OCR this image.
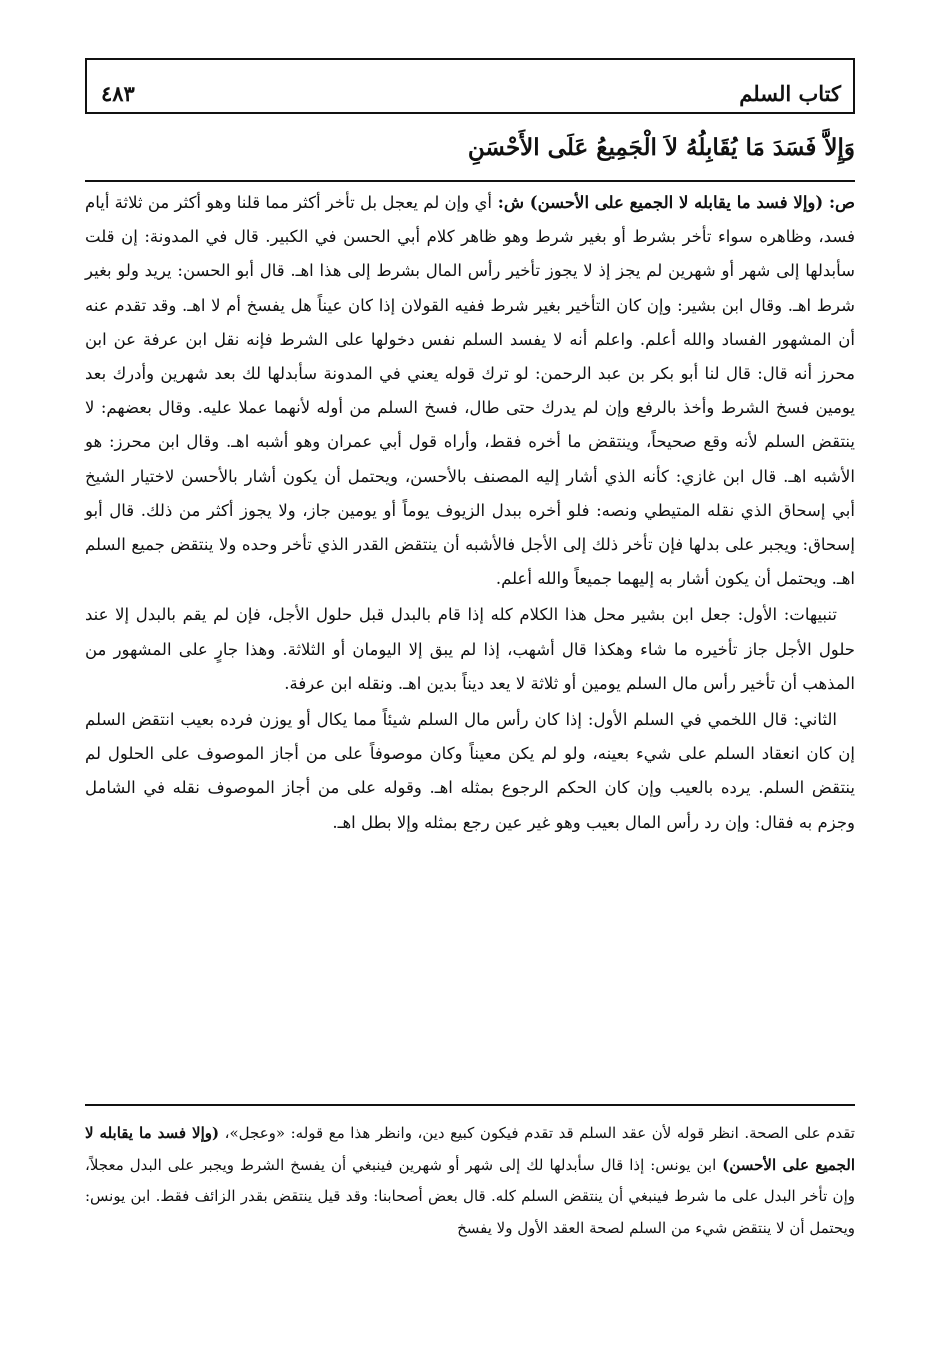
كتاب السلم
٤٨٣
وَإِلاَّ فَسَدَ مَا يُقَابِلُهُ لاَ الْجَمِيعُ عَلَى الأَحْسَنِ

ص: (وإلا فسد ما يقابله لا الجميع على الأحسن) ش: أي وإن لم يعجل بل تأخر أكثر مما قلنا وهو أكثر من ثلاثة أيام فسد، وظاهره سواء تأخر بشرط أو بغير شرط وهو ظاهر كلام أبي الحسن في الكبير. قال في المدونة: إن قلت سأبدلها إلى شهر أو شهرين لم يجز إذ لا يجوز تأخير رأس المال بشرط إلى هذا اهـ. قال أبو الحسن: يريد ولو بغير شرط اهـ. وقال ابن بشير: وإن كان التأخير بغير شرط ففيه القولان إذا كان عيناً هل يفسخ أم لا اهـ. وقد تقدم عنه أن المشهور الفساد والله أعلم. واعلم أنه لا يفسد السلم نفس دخولها على الشرط فإنه نقل ابن عرفة عن ابن محرز أنه قال: قال لنا أبو بكر بن عبد الرحمن: لو ترك قوله يعني في المدونة سأبدلها لك بعد شهرين وأدرك بعد يومين فسخ الشرط وأخذ بالرفع وإن لم يدرك حتى طال، فسخ السلم من أوله لأنهما عملا عليه. وقال بعضهم: لا ينتقض السلم لأنه وقع صحيحاً، وينتقض ما أخره فقط، وأراه قول أبي عمران وهو أشبه اهـ. وقال ابن محرز: هو الأشبه اهـ. قال ابن غازي: كأنه الذي أشار إليه المصنف بالأحسن، ويحتمل أن يكون أشار بالأحسن لاختيار الشيخ أبي إسحاق الذي نقله المتيطي ونصه: فلو أخره ببدل الزيوف يوماً أو يومين جاز، ولا يجوز أكثر من ذلك. قال أبو إسحاق: ويجبر على بدلها فإن تأخر ذلك إلى الأجل فالأشبه أن ينتقض القدر الذي تأخر وحده ولا ينتقض جميع السلم اهـ. ويحتمل أن يكون أشار به إليهما جميعاً والله أعلم.

تنبيهات: الأول: جعل ابن بشير محل هذا الكلام كله إذا قام بالبدل قبل حلول الأجل، فإن لم يقم بالبدل إلا عند حلول الأجل جاز تأخيره ما شاء وهكذا قال أشهب، إذا لم يبق إلا اليومان أو الثلاثة. وهذا جارٍ على المشهور من المذهب أن تأخير رأس مال السلم يومين أو ثلاثة لا يعد ديناً بدين اهـ. ونقله ابن عرفة.

الثاني: قال اللخمي في السلم الأول: إذا كان رأس مال السلم شيئاً مما يكال أو يوزن فرده بعيب انتقض السلم إن كان انعقاد السلم على شيء بعينه، ولو لم يكن معيناً وكان موصوفاً على من أجاز الموصوف على الحلول لم ينتقض السلم. يرده بالعيب وإن كان الحكم الرجوع بمثله اهـ. وقوله على من أجاز الموصوف نقله في الشامل وجزم به فقال: وإن رد رأس المال بعيب وهو غير عين رجع بمثله وإلا بطل اهـ.

تقدم على الصحة. انظر قوله لأن عقد السلم قد تقدم فيكون كبيع دين، وانظر هذا مع قوله: «وعجل»، (وإلا فسد ما يقابله لا الجميع على الأحسن) ابن يونس: إذا قال سأبدلها لك إلى شهر أو شهرين فينبغي أن يفسخ الشرط ويجبر على البدل معجلاً، وإن تأخر البدل على ما شرط فينبغي أن ينتقض السلم كله. قال بعض أصحابنا: وقد قيل ينتقض بقدر الزائف فقط. ابن يونس: ويحتمل أن لا ينتقض شيء من السلم لصحة العقد الأول ولا يفسخ
